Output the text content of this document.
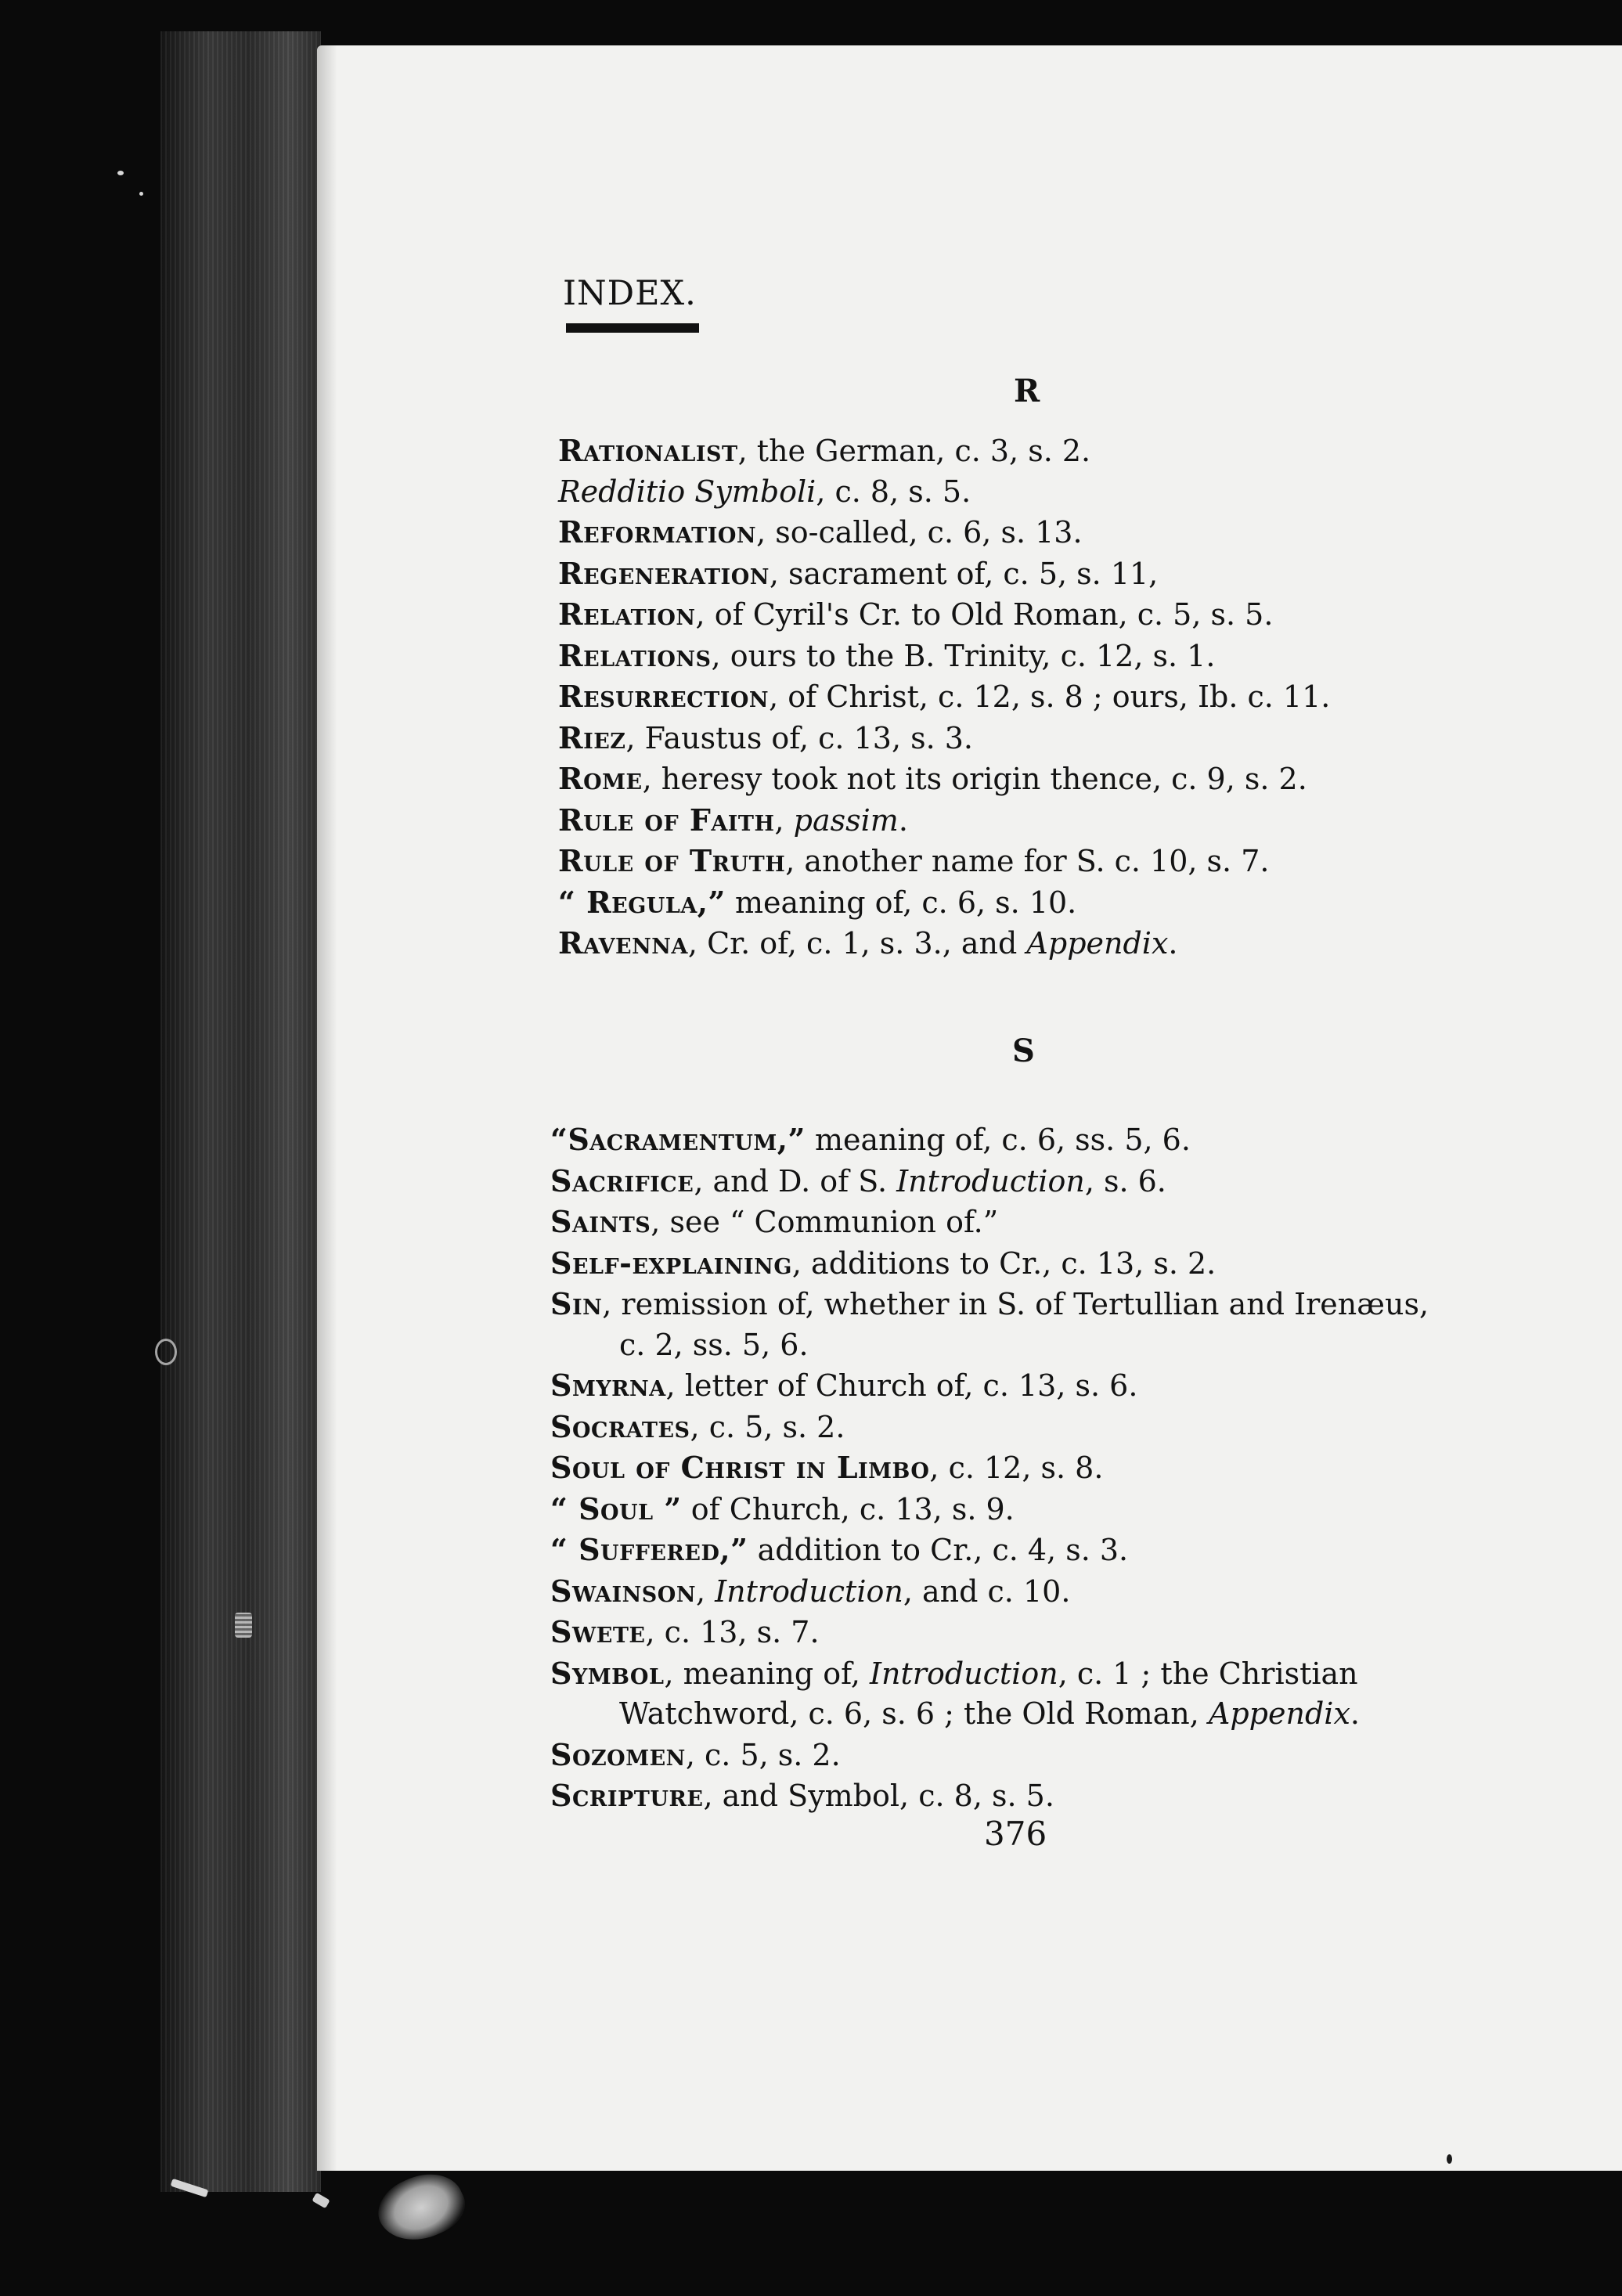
INDEX.
R
Rationalist, the German, c. 3, s. 2.
Redditio Symboli, c. 8, s. 5.
Reformation, so-called, c. 6, s. 13.
Regeneration, sacrament of, c. 5, s. 11,
Relation, of Cyril's Cr. to Old Roman, c. 5, s. 5.
Relations, ours to the B. Trinity, c. 12, s. 1.
Resurrection, of Christ, c. 12, s. 8 ; ours, Ib. c. 11.
Riez, Faustus of, c. 13, s. 3.
Rome, heresy took not its origin thence, c. 9, s. 2.
Rule of Faith, passim.
Rule of Truth, another name for S. c. 10, s. 7.
“ Regula,” meaning of, c. 6, s. 10.
Ravenna, Cr. of, c. 1, s. 3., and Appendix.
S
“Sacramentum,” meaning of, c. 6, ss. 5, 6.
Sacrifice, and D. of S. Introduction, s. 6.
Saints, see “ Communion of.”
Self-explaining, additions to Cr., c. 13, s. 2.
Sin, remission of, whether in S. of Tertullian and Irenæus,
c. 2, ss. 5, 6.
Smyrna, letter of Church of, c. 13, s. 6.
Socrates, c. 5, s. 2.
Soul of Christ in Limbo, c. 12, s. 8.
“ Soul ” of Church, c. 13, s. 9.
“ Suffered,” addition to Cr., c. 4, s. 3.
Swainson, Introduction, and c. 10.
Swete, c. 13, s. 7.
Symbol, meaning of, Introduction, c. 1 ; the Christian
Watchword, c. 6, s. 6 ; the Old Roman, Appendix.
Sozomen, c. 5, s. 2.
Scripture, and Symbol, c. 8, s. 5.

376
